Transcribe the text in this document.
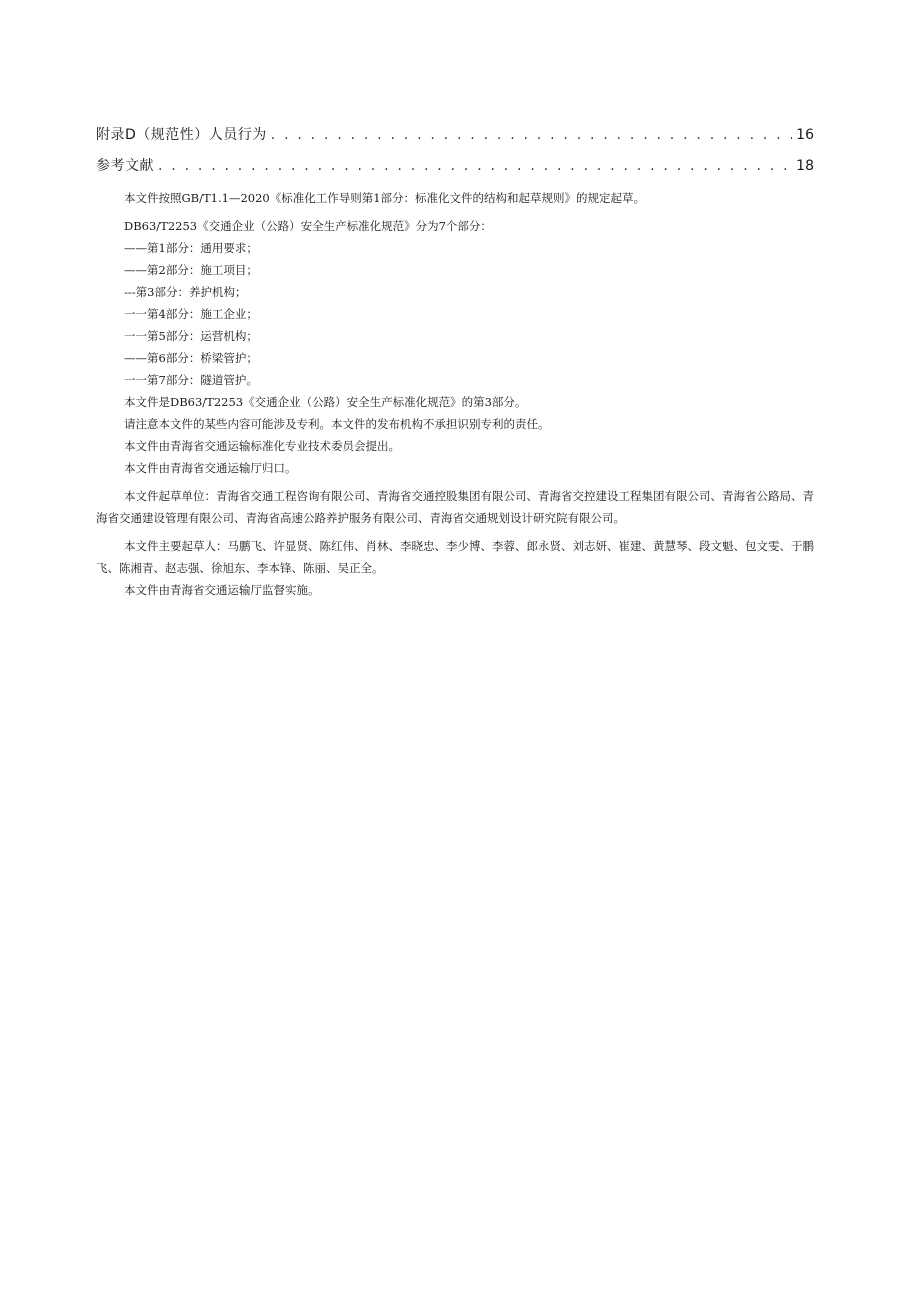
附录D（规范性）人员行为 . . .	16
参考文献 . . .	18

本文件按照GB/T1.1—2020《标准化工作导则第1部分：标准化文件的结构和起草规则》的规定起草。

DB63/T2253《交通企业（公路）安全生产标准化规范》分为7个部分：

——第1部分：通用要求；

——第2部分：施工项目；

---第3部分：养护机构；

一一第4部分：施工企业；

一一第5部分：运营机构；

——第6部分：桥梁管护；

一一第7部分：隧道管护。

本文件是DB63/T2253《交通企业（公路）安全生产标准化规范》的第3部分。

请注意本文件的某些内容可能涉及专利。本文件的发布机构不承担识别专利的责任。

本文件由青海省交通运输标准化专业技术委员会提出。

本文件由青海省交通运输厅归口。

本文件起草单位：青海省交通工程咨询有限公司、青海省交通控股集团有限公司、青海省交控建设工程集团有限公司、青海省公路局、青海省交通建设管理有限公司、青海省高速公路养护服务有限公司、青海省交通规划设计研究院有限公司。

本文件主要起草人：马鹏飞、许显贤、陈红伟、肖林、李晓忠、李少博、李蓉、郎永贤、刘志妍、崔建、黄慧琴、段文魁、包文雯、于鹏飞、陈湘青、赵志强、徐旭东、李本锋、陈丽、吴正全。

本文件由青海省交通运输厅监督实施。
